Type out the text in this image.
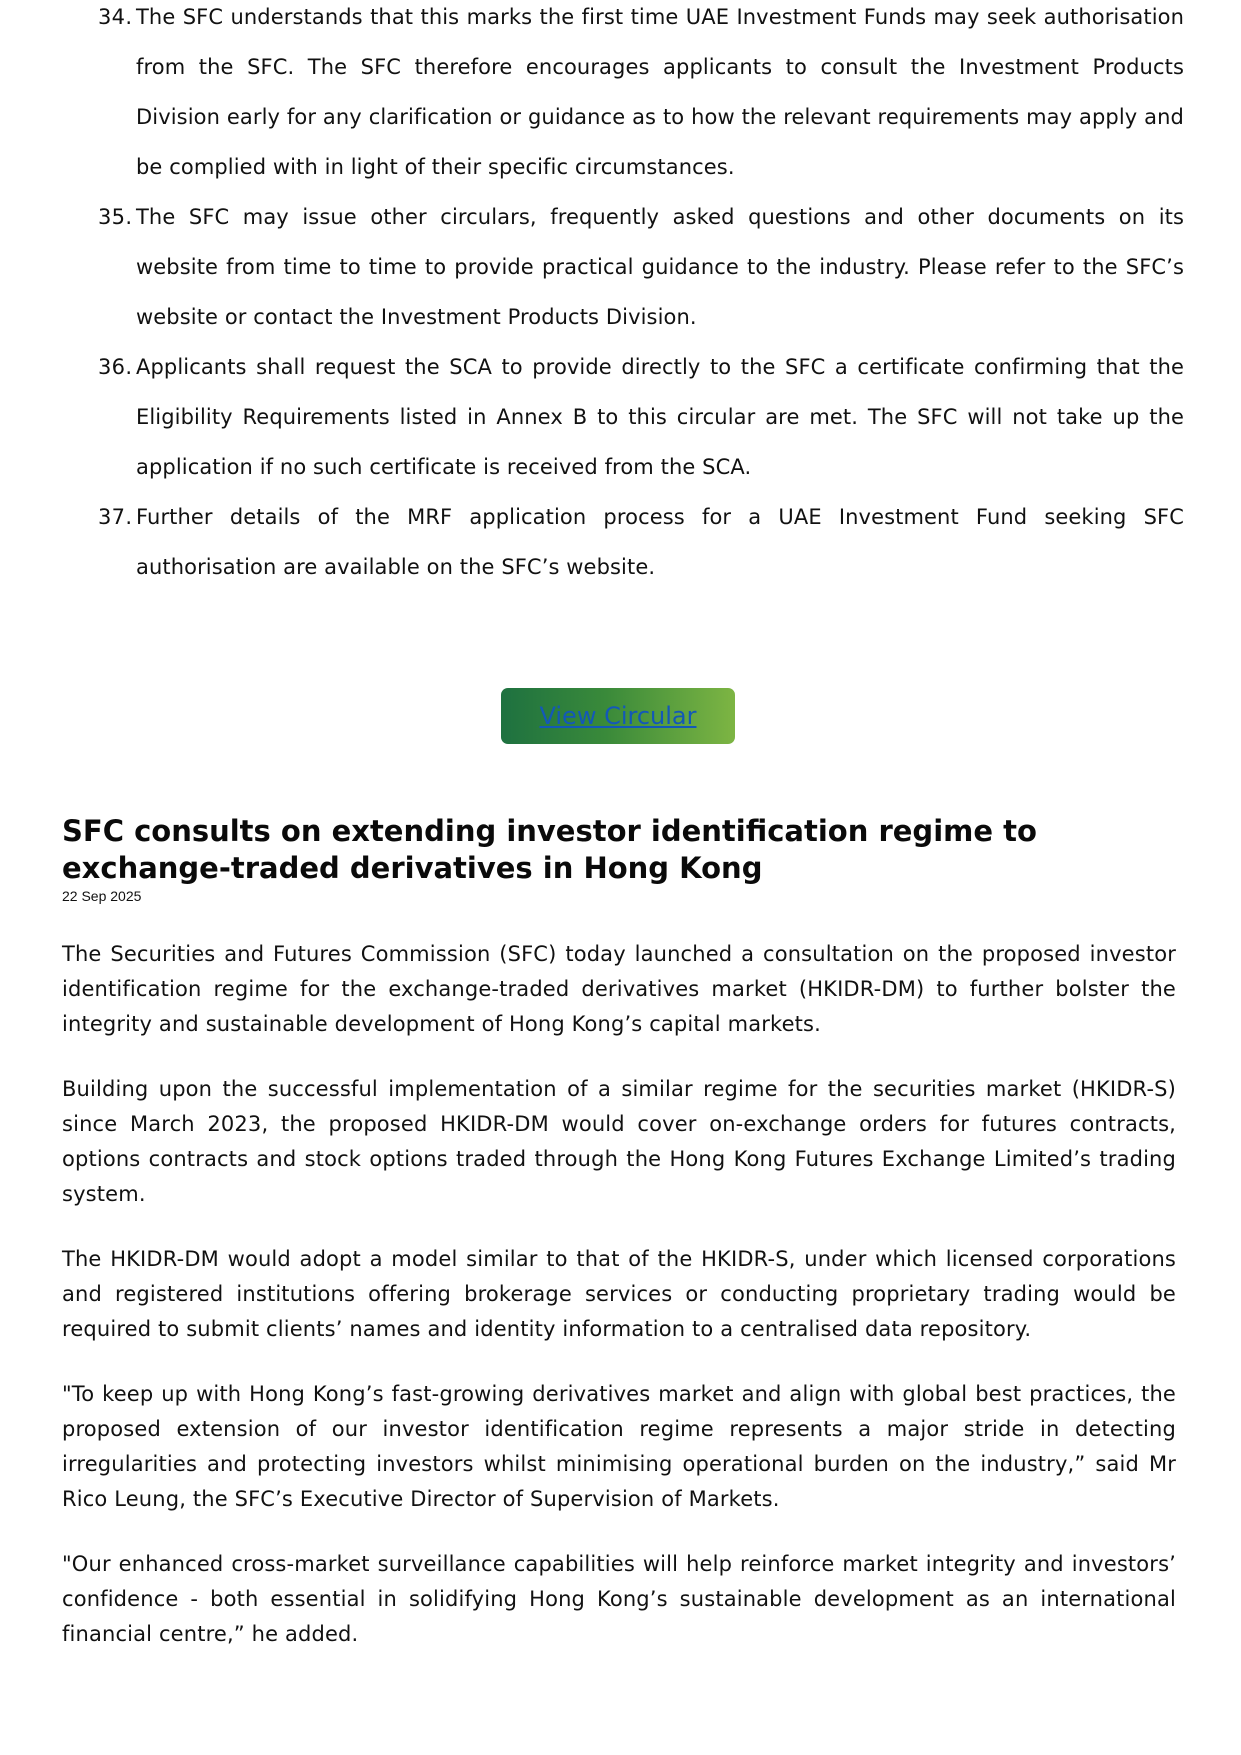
34. The SFC understands that this marks the first time UAE Investment Funds may seek authorisation from the SFC. The SFC therefore encourages applicants to consult the Investment Products Division early for any clarification or guidance as to how the relevant requirements may apply and be complied with in light of their specific circumstances.
35. The SFC may issue other circulars, frequently asked questions and other documents on its website from time to time to provide practical guidance to the industry. Please refer to the SFC’s website or contact the Investment Products Division.
36. Applicants shall request the SCA to provide directly to the SFC a certificate confirming that the Eligibility Requirements listed in Annex B to this circular are met. The SFC will not take up the application if no such certificate is received from the SCA.
37. Further details of the MRF application process for a UAE Investment Fund seeking SFC authorisation are available on the SFC’s website.
View Circular
SFC consults on extending investor identification regime to exchange-traded derivatives in Hong Kong
22 Sep 2025

The Securities and Futures Commission (SFC) today launched a consultation on the proposed investor identification regime for the exchange-traded derivatives market (HKIDR-DM) to further bolster the integrity and sustainable development of Hong Kong’s capital markets.

Building upon the successful implementation of a similar regime for the securities market (HKIDR-S) since March 2023, the proposed HKIDR-DM would cover on-exchange orders for futures contracts, options contracts and stock options traded through the Hong Kong Futures Exchange Limited’s trading system.

The HKIDR-DM would adopt a model similar to that of the HKIDR-S, under which licensed corporations and registered institutions offering brokerage services or conducting proprietary trading would be required to submit clients’ names and identity information to a centralised data repository.

"To keep up with Hong Kong’s fast-growing derivatives market and align with global best practices, the proposed extension of our investor identification regime represents a major stride in detecting irregularities and protecting investors whilst minimising operational burden on the industry,” said Mr Rico Leung, the SFC’s Executive Director of Supervision of Markets.

"Our enhanced cross-market surveillance capabilities will help reinforce market integrity and investors’ confidence - both essential in solidifying Hong Kong’s sustainable development as an international financial centre,” he added.
